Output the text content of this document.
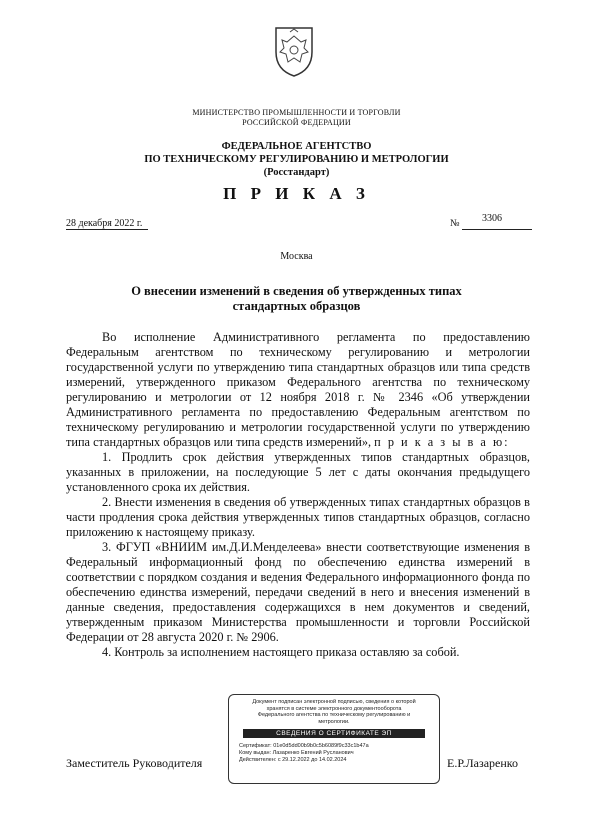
МИНИСТЕРСТВО ПРОМЫШЛЕННОСТИ И ТОРГОВЛИ
РОССИЙСКОЙ ФЕДЕРАЦИИ
ФЕДЕРАЛЬНОЕ АГЕНТСТВО
ПО ТЕХНИЧЕСКОМУ РЕГУЛИРОВАНИЮ И МЕТРОЛОГИИ
(Росстандарт)
П Р И К А З
28 декабря 2022 г.	№ 3306
Москва
О внесении изменений в сведения об утвержденных типах
стандартных образцов

Во исполнение Административного регламента по предоставлению Федеральным агентством по техническому регулированию и метрологии государственной услуги по утверждению типа стандартных образцов или типа средств измерений, утвержденного приказом Федерального агентства по техническому регулированию и метрологии от 12 ноября 2018 г. № 2346 «Об утверждении Административного регламента по предоставлению Федеральным агентством по техническому регулированию и метрологии государственной услуги по утверждению типа стандартных образцов или типа средств измерений», п р и к а з ы в а ю:

1. Продлить срок действия утвержденных типов стандартных образцов, указанных в приложении, на последующие 5 лет с даты окончания предыдущего установленного срока их действия.

2. Внести изменения в сведения об утвержденных типах стандартных образцов в части продления срока действия утвержденных типов стандартных образцов, согласно приложению к настоящему приказу.

3. ФГУП «ВНИИМ им.Д.И.Менделеева» внести соответствующие изменения в Федеральный информационный фонд по обеспечению единства измерений в соответствии с порядком создания и ведения Федерального информационного фонда по обеспечению единства измерений, передачи сведений в него и внесения изменений в данные сведения, предоставления содержащихся в нем документов и сведений, утвержденным приказом Министерства промышленности и торговли Российской Федерации от 28 августа 2020 г. № 2906.

4. Контроль за исполнением настоящего приказа оставляю за собой.

Заместитель Руководителя	Е.Р.Лазаренко
Документ подписан электронной подписью, сведения о которой
хранятся в системе электронного документооборота
Федерального агентства по техническому регулированию и
метрологии.
СВЕДЕНИЯ О СЕРТИФИКАТЕ ЭП
Сертификат: 01e0d5dd00b9b0c5b6089f9c33c1b47a
Кому выдан: Лазаренко Евгений Русланович
Действителен: с 29.12.2022 до 14.02.2024
